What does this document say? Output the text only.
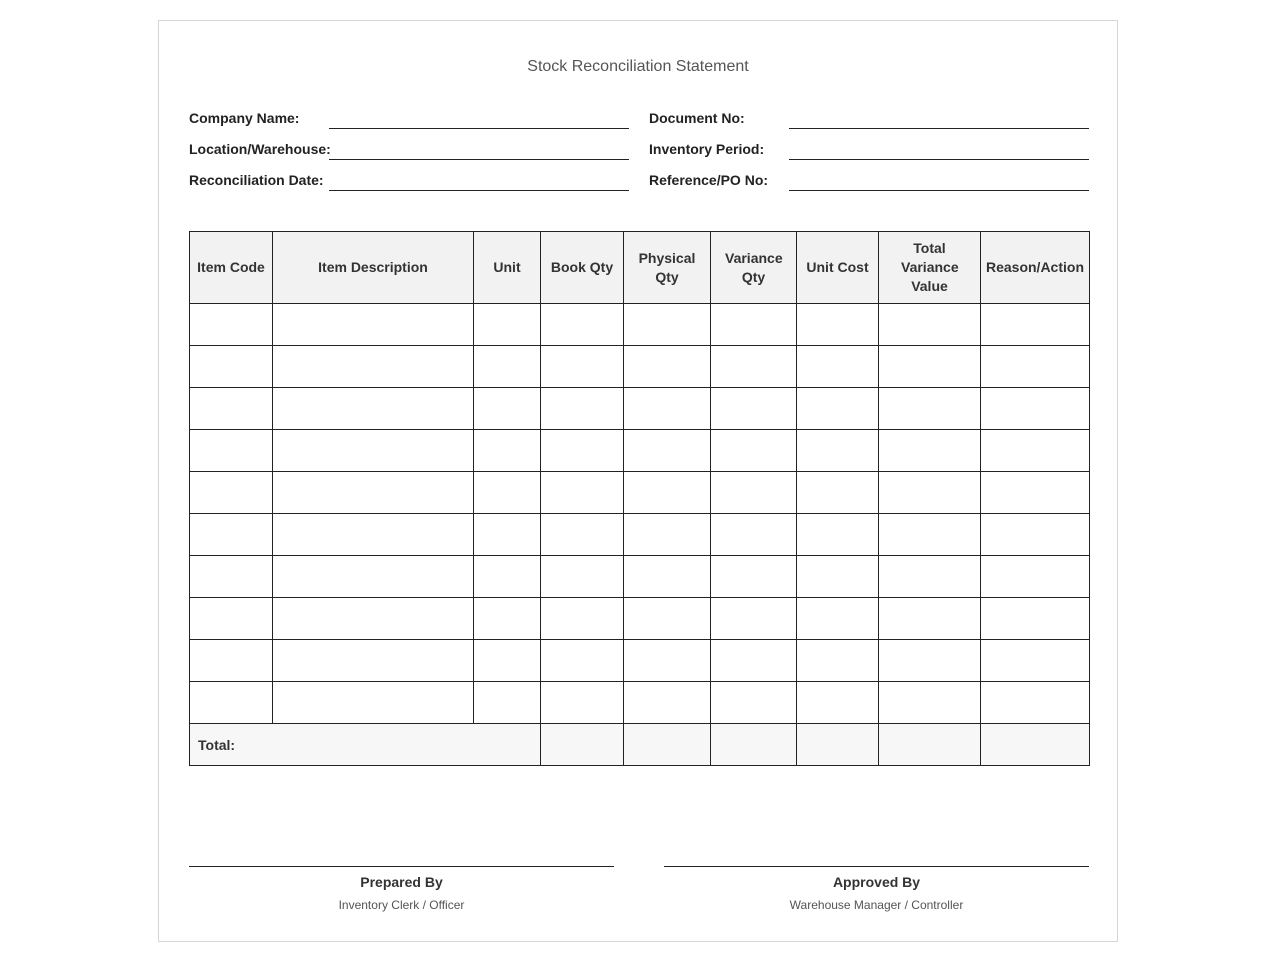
Stock Reconciliation Statement
Company Name:
Location/Warehouse:
Reconciliation Date:
Document No:
Inventory Period:
Reference/PO No:
Item Code	Item Description	Unit	Book Qty	Physical Qty	Variance Qty	Unit Cost	Total Variance Value	Reason/Action

Total:								
Prepared By
Inventory Clerk / Officer
Approved By
Warehouse Manager / Controller
